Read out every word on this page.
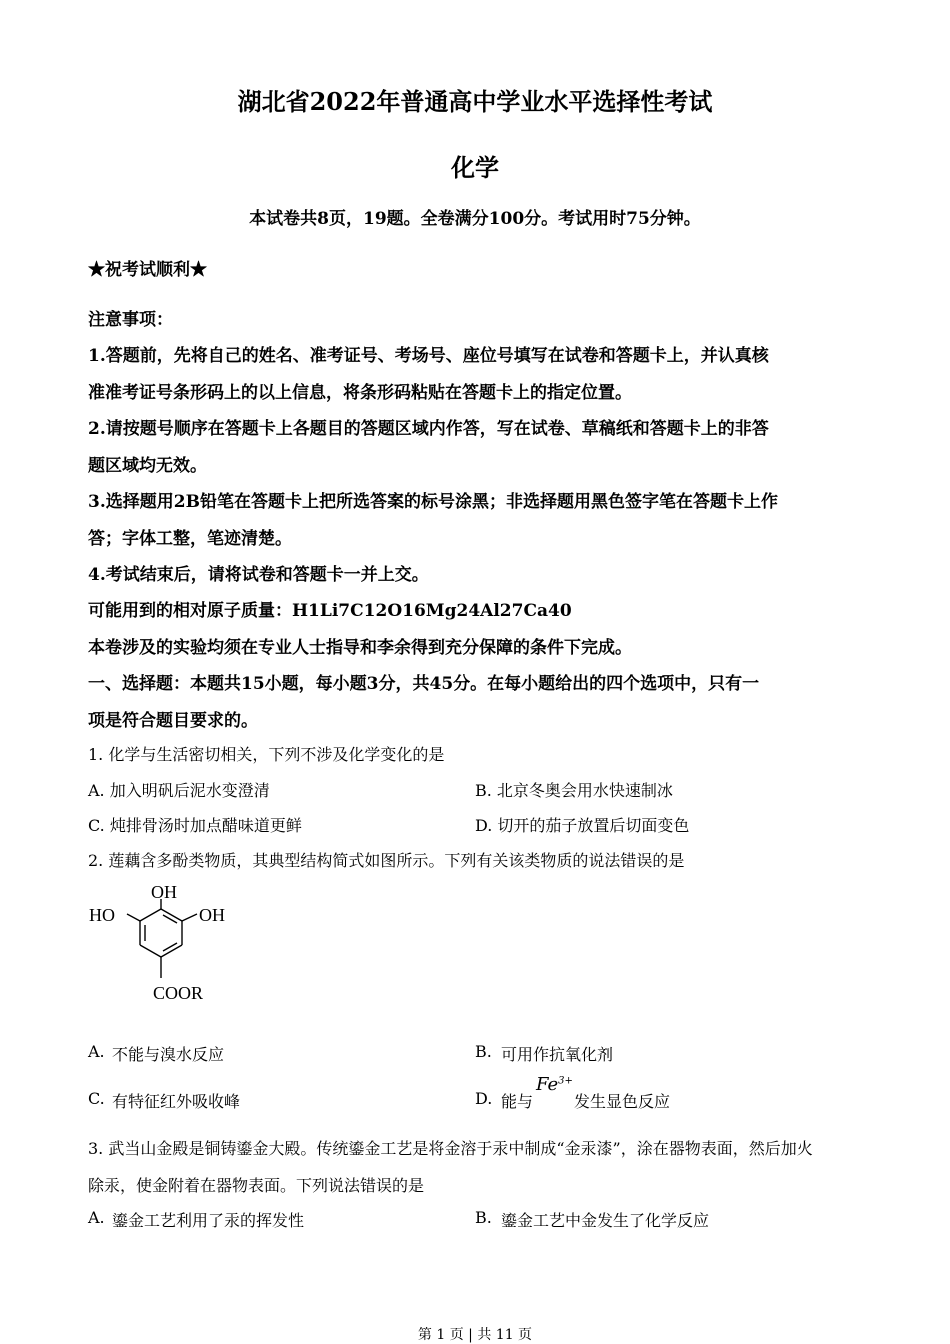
湖北省2022年普通高中学业水平选择性考试
化学
本试卷共8页，19题。全卷满分100分。考试用时75分钟。
★祝考试顺利★
注意事项：
1.答题前，先将自己的姓名、准考证号、考场号、座位号填写在试卷和答题卡上，并认真核
准准考证号条形码上的以上信息，将条形码粘贴在答题卡上的指定位置。
2.请按题号顺序在答题卡上各题目的答题区域内作答，写在试卷、草稿纸和答题卡上的非答
题区域均无效。
3.选择题用2B铅笔在答题卡上把所选答案的标号涂黑；非选择题用黑色签字笔在答题卡上作
答；字体工整，笔迹清楚。
4.考试结束后，请将试卷和答题卡一并上交。
可能用到的相对原子质量：H1Li7C12O16Mg24Al27Ca40
本卷涉及的实验均须在专业人士指导和李余得到充分保障的条件下完成。
一、选择题：本题共15小题，每小题3分，共45分。在每小题给出的四个选项中，只有一
项是符合题目要求的。
1. 化学与生活密切相关，下列不涉及化学变化的是
A. 加入明矾后泥水变澄清	B. 北京冬奥会用水快速制冰
C. 炖排骨汤时加点醋味道更鲜	D. 切开的茄子放置后切面变色
2. 莲藕含多酚类物质，其典型结构简式如图所示。下列有关该类物质的说法错误的是
OH
HO	OH
COOR
A. 不能与溴水反应	B. 可用作抗氧化剂
C. 有特征红外吸收峰	D. 能与
$Fe^{3+}$
发生显色反应
3. 武当山金殿是铜铸鎏金大殿。传统鎏金工艺是将金溶于汞中制成“金汞漆”，涂在器物表面，然后加火
除汞，使金附着在器物表面。下列说法错误的是
A. 鎏金工艺利用了汞的挥发性	B. 鎏金工艺中金发生了化学反应
第 1 页 | 共 11 页
